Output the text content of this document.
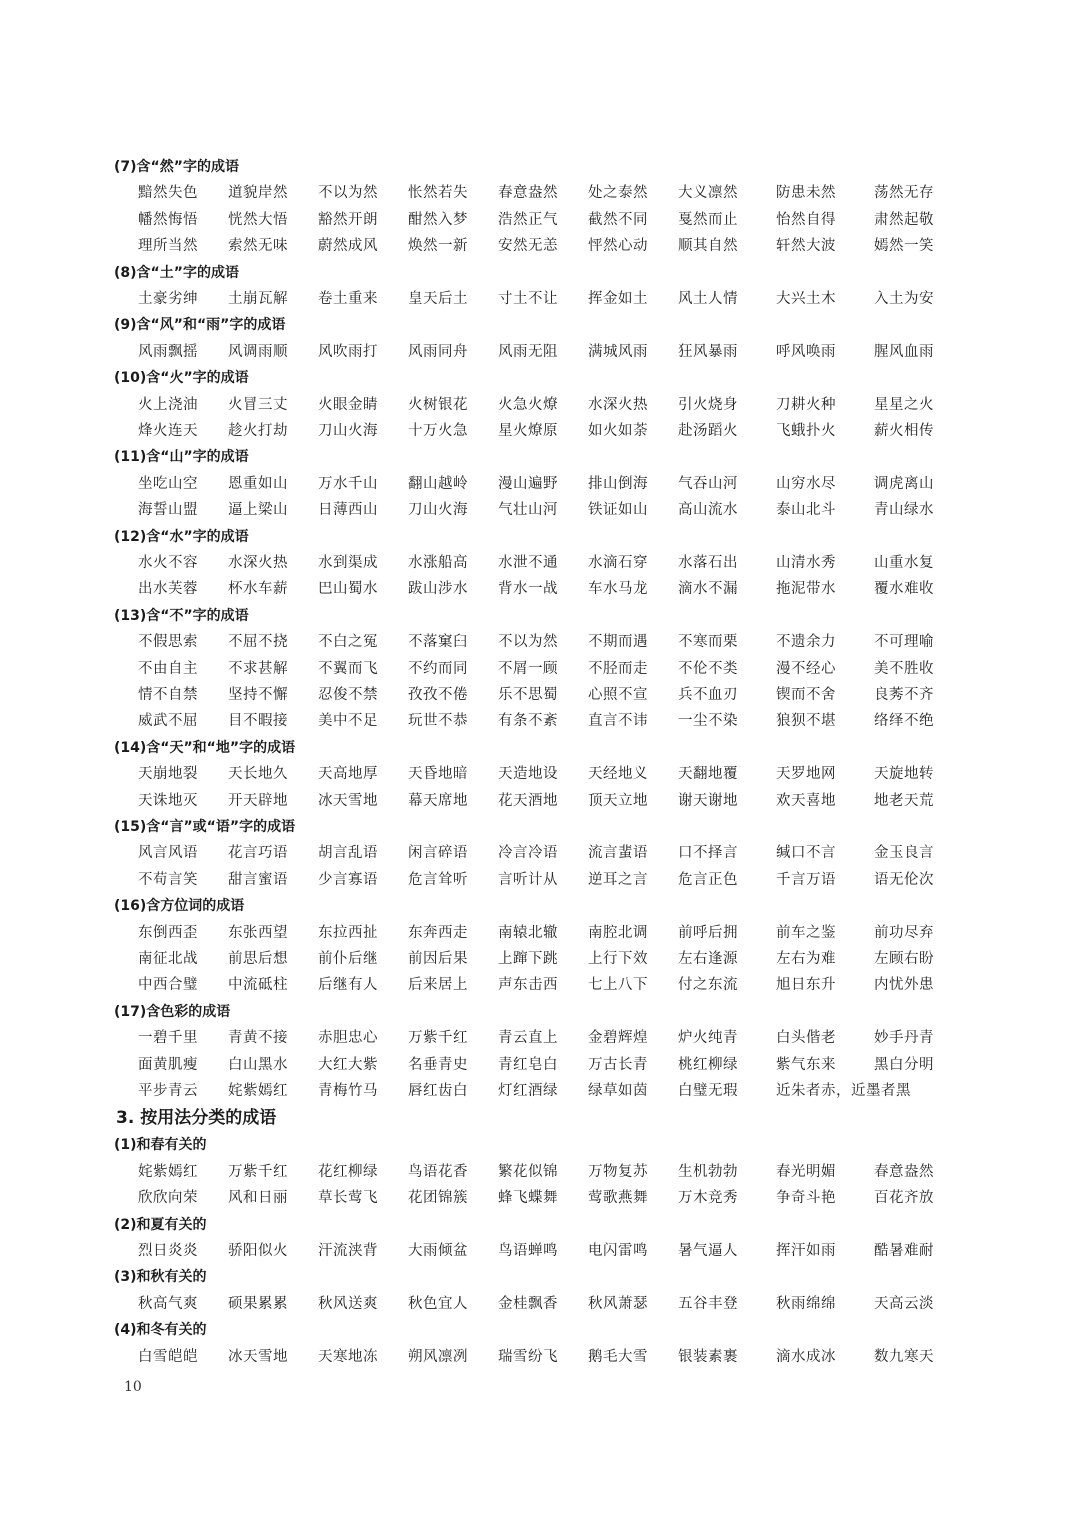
(7)含“然”字的成语
黯然失色 道貌岸然 不以为然 怅然若失 春意盎然 处之泰然 大义凛然	防患未然	荡然无存
幡然悔悟 恍然大悟 豁然开朗 酣然入梦 浩然正气 截然不同 戛然而止	怡然自得	肃然起敬
理所当然 索然无味 蔚然成风 焕然一新 安然无恙 怦然心动 顺其自然	轩然大波	嫣然一笑
(8)含“土”字的成语
土豪劣绅 土崩瓦解 卷土重来 皇天后土 寸土不让 挥金如土 风土人情	大兴土木	入土为安
(9)含“风”和“雨”字的成语
风雨飘摇 风调雨顺 风吹雨打 风雨同舟 风雨无阻 满城风雨 狂风暴雨	呼风唤雨	腥风血雨
(10)含“火”字的成语
火上浇油 火冒三丈 火眼金睛 火树银花 火急火燎 水深火热 引火烧身	刀耕火种	星星之火
烽火连天 趁火打劫 刀山火海 十万火急 星火燎原 如火如荼 赴汤蹈火	飞蛾扑火	薪火相传
(11)含“山”字的成语
坐吃山空 恩重如山 万水千山 翻山越岭 漫山遍野 排山倒海 气吞山河	山穷水尽	调虎离山
海誓山盟 逼上梁山 日薄西山 刀山火海 气壮山河 铁证如山 高山流水	泰山北斗	青山绿水
(12)含“水”字的成语
水火不容 水深火热 水到渠成 水涨船高 水泄不通 水滴石穿 水落石出	山清水秀	山重水复
出水芙蓉 杯水车薪 巴山蜀水 跋山涉水 背水一战 车水马龙 滴水不漏	拖泥带水	覆水难收
(13)含“不”字的成语
不假思索 不屈不挠 不白之冤 不落窠臼 不以为然 不期而遇 不寒而栗	不遗余力	不可理喻
不由自主 不求甚解 不翼而飞 不约而同 不屑一顾 不胫而走 不伦不类	漫不经心	美不胜收
情不自禁 坚持不懈 忍俊不禁 孜孜不倦 乐不思蜀 心照不宣 兵不血刃	锲而不舍	良莠不齐
威武不屈 目不暇接 美中不足 玩世不恭 有条不紊 直言不讳 一尘不染	狼狈不堪	络绎不绝
(14)含“天”和“地”字的成语
天崩地裂 天长地久 天高地厚 天昏地暗 天造地设 天经地义 天翻地覆	天罗地网	天旋地转
天诛地灭 开天辟地 冰天雪地 幕天席地 花天酒地 顶天立地 谢天谢地	欢天喜地	地老天荒
(15)含“言”或“语”字的成语
风言风语 花言巧语 胡言乱语 闲言碎语 冷言冷语 流言蜚语 口不择言	缄口不言	金玉良言
不苟言笑 甜言蜜语 少言寡语 危言耸听 言听计从 逆耳之言 危言正色	千言万语	语无伦次
(16)含方位词的成语
东倒西歪 东张西望 东拉西扯 东奔西走 南辕北辙 南腔北调 前呼后拥	前车之鉴	前功尽弃
南征北战 前思后想 前仆后继 前因后果 上蹿下跳 上行下效 左右逢源	左右为难	左顾右盼
中西合璧 中流砥柱 后继有人 后来居上 声东击西 七上八下 付之东流	旭日东升	内忧外患
(17)含色彩的成语
一碧千里 青黄不接 赤胆忠心 万紫千红 青云直上 金碧辉煌 炉火纯青	白头偕老	妙手丹青
面黄肌瘦 白山黑水 大红大紫 名垂青史 青红皂白 万古长青 桃红柳绿	紫气东来	黑白分明
平步青云 姹紫嫣红 青梅竹马 唇红齿白 灯红酒绿 绿草如茵 白璧无瑕	近朱者赤，近墨者黑
3. 按用法分类的成语
(1)和春有关的
姹紫嫣红 万紫千红 花红柳绿 鸟语花香 繁花似锦 万物复苏 生机勃勃	春光明媚	春意盎然
欣欣向荣 风和日丽 草长莺飞 花团锦簇 蜂飞蝶舞 莺歌燕舞 万木竞秀	争奇斗艳	百花齐放
(2)和夏有关的
烈日炎炎 骄阳似火 汗流浃背 大雨倾盆 鸟语蝉鸣 电闪雷鸣 暑气逼人	挥汗如雨	酷暑难耐
(3)和秋有关的
秋高气爽 硕果累累 秋风送爽 秋色宜人 金桂飘香 秋风萧瑟 五谷丰登	秋雨绵绵	天高云淡
(4)和冬有关的
白雪皑皑 冰天雪地 天寒地冻 朔风凛冽 瑞雪纷飞 鹅毛大雪 银装素裹	滴水成冰	数九寒天
10
